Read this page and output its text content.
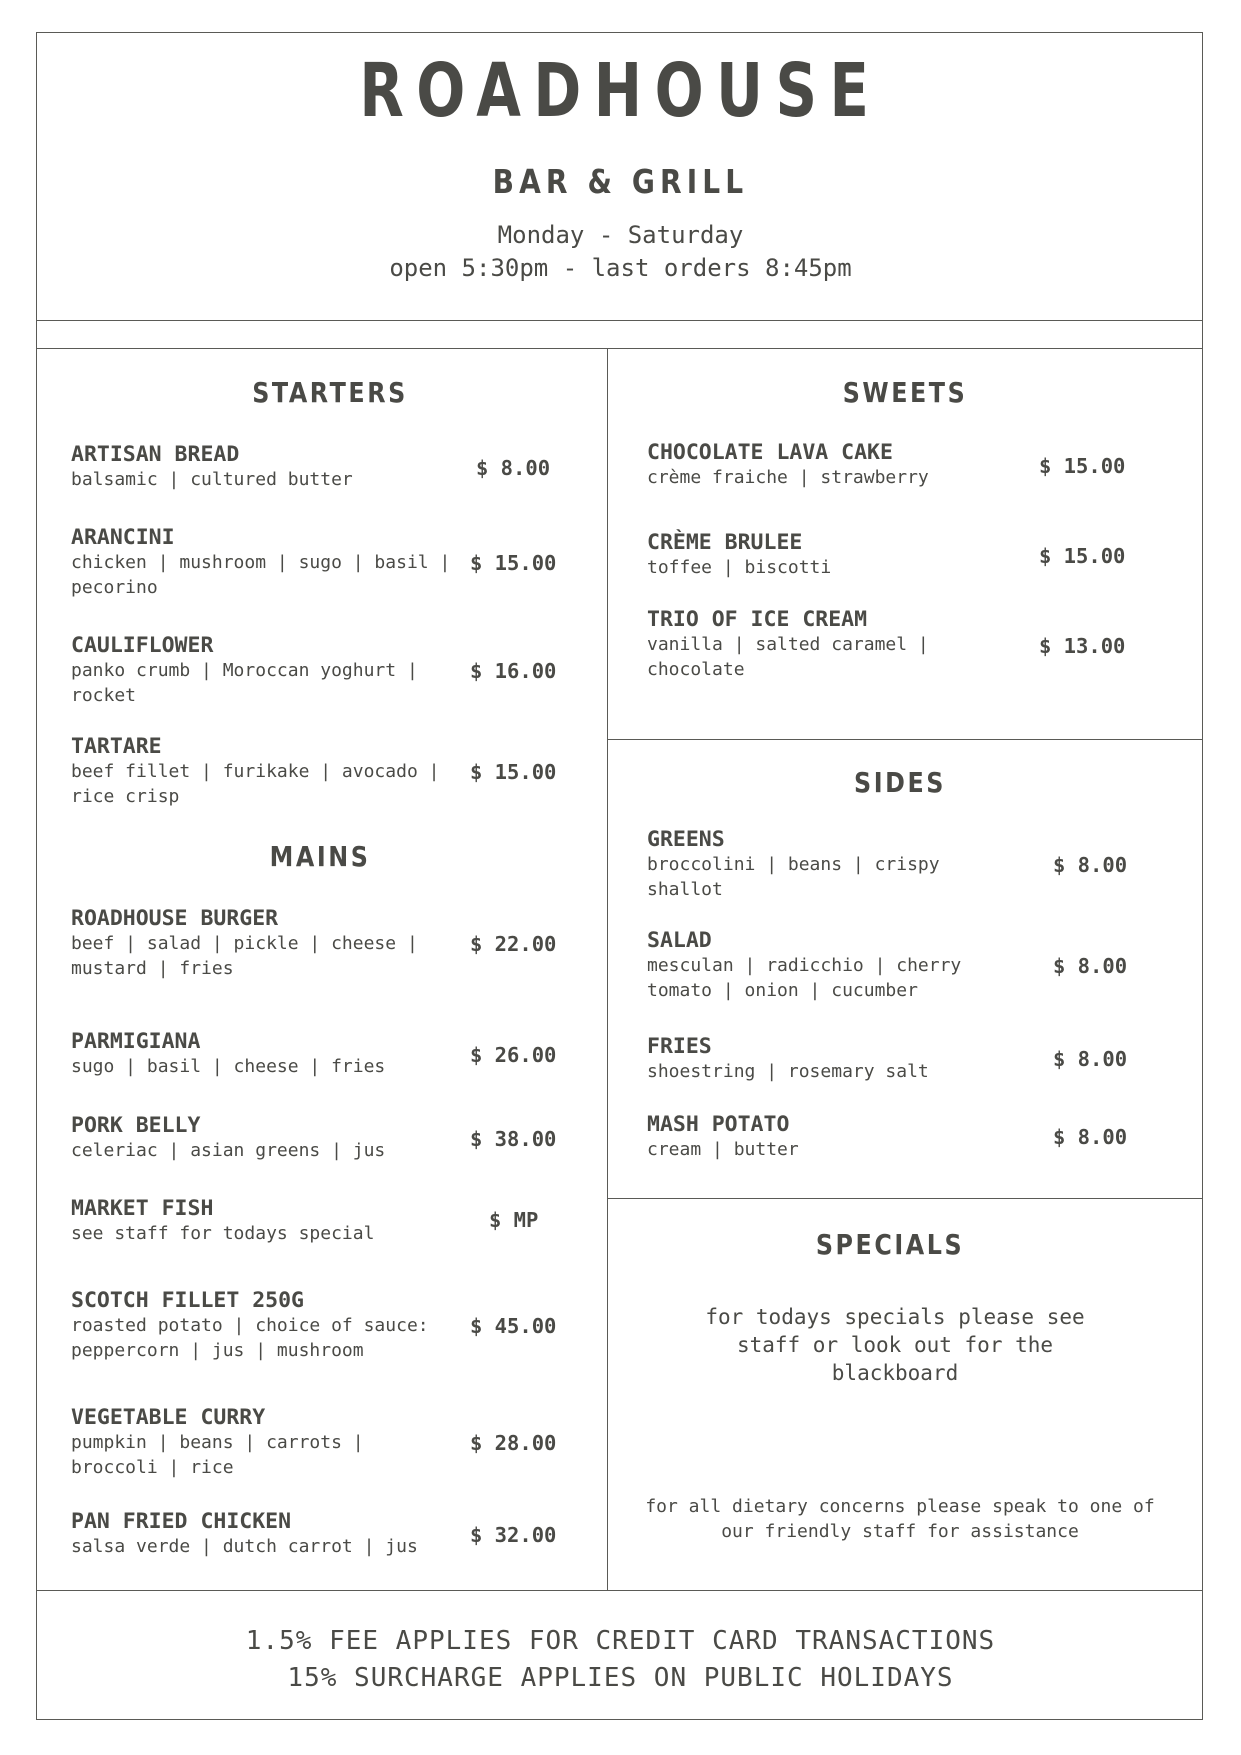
ROADHOUSE
BAR & GRILL
Monday - Saturday
open 5:30pm - last orders 8:45pm
STARTERS
ARTISAN BREAD
balsamic | cultured butter	$ 8.00
ARANCINI
chicken | mushroom | sugo | basil | pecorino
$ 15.00
CAULIFLOWER
panko crumb | Moroccan yoghurt | rocket
$ 16.00
TARTARE
beef fillet | furikake | avocado | rice crisp
$ 15.00
MAINS
ROADHOUSE BURGER
beef | salad | pickle | cheese | mustard | fries
$ 22.00
PARMIGIANA
sugo | basil | cheese | fries	$ 26.00
PORK BELLY
celeriac | asian greens | jus	$ 38.00
MARKET FISH
see staff for todays special
$ MP
SCOTCH FILLET 250G
roasted potato | choice of sauce: peppercorn | jus | mushroom
$ 45.00
VEGETABLE CURRY
pumpkin | beans | carrots | broccoli | rice
$ 28.00
PAN FRIED CHICKEN
salsa verde | dutch carrot | jus	$ 32.00
SWEETS
CHOCOLATE LAVA CAKE
crème fraiche | strawberry	$ 15.00
CRÈME BRULEE
toffee | biscotti	$ 15.00
TRIO OF ICE CREAM
vanilla | salted caramel | chocolate
$ 13.00
SIDES
GREENS
broccolini | beans | crispy shallot
$ 8.00
SALAD
mesculan | radicchio | cherry tomato | onion | cucumber
$ 8.00
FRIES
shoestring | rosemary salt
$ 8.00
MASH POTATO
cream | butter
$ 8.00
SPECIALS
for todays specials please see staff or look out for the blackboard
for all dietary concerns please speak to one of our friendly staff for assistance
1.5% FEE APPLIES FOR CREDIT CARD TRANSACTIONS
15% SURCHARGE APPLIES ON PUBLIC HOLIDAYS
